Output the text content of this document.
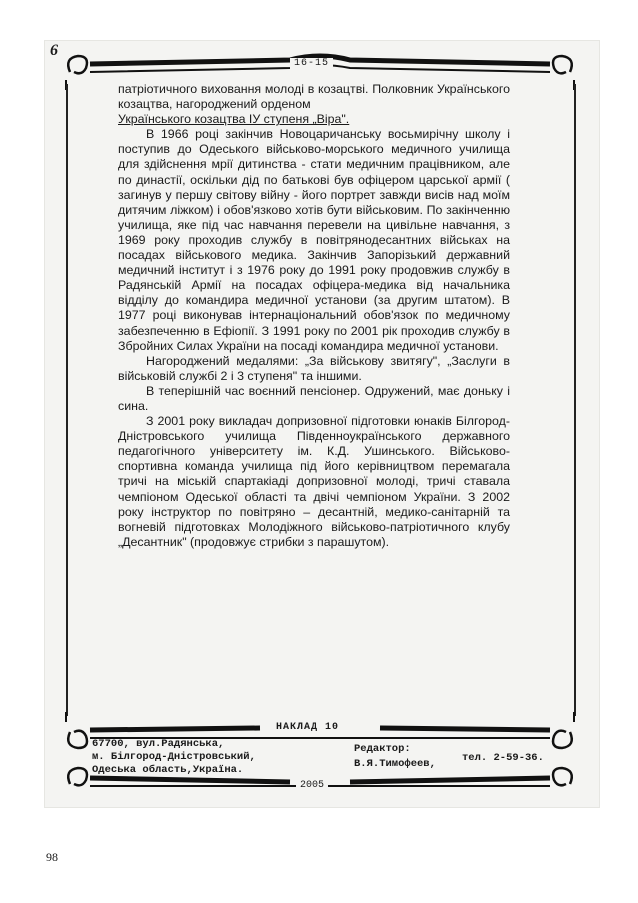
6
16-15

патріотичного виховання молоді в козацтві. Полковник Українського козацтва, нагороджений орденом

Українського козацтва IУ ступеня „Віра".

В 1966 році закінчив Новоцаричанську восьмирічну школу і поступив до Одеського військово-морського медичного училища для здійснення мрії дитинства - стати медичним працівником, але по династії, оскільки дід по батькові був офіцером царської армії ( загинув у першу світову війну - його портрет завжди висів над моїм дитячим ліжком) і обов'язково хотів бути військовим. По закінченню училища, яке під час навчання перевели на цивільне навчання, з 1969 року проходив службу в повітрянодесантних військах на посадах військового медика. Закінчив Запорізький державний медичний інститут і з 1976 року до 1991 року продовжив службу в Радянській Армії на посадах офіцера-медика від начальника відділу до командира медичної установи (за другим штатом). В 1977 році виконував інтернаціональний обов'язок по медичному забезпеченню в Ефіопії. З 1991 року по 2001 рік проходив службу в Збройних Силах України на посаді командира медичної установи.

Нагороджений медалями: „За військову звитягу", „Заслуги в військовій службі 2 і 3 ступеня" та іншими.

В теперішній час воєнний пенсіонер. Одружений, має доньку і сина.

З 2001 року викладач допризовної підготовки юнаків Білгород-Дністровського училища Південноукраїнського державного педагогічного університету ім. К.Д. Ушинського. Військово-спортивна команда училища під його керівництвом перемагала тричі на міській спартакіаді допризовної молоді, тричі ставала чемпіоном Одеської області та двічі чемпіоном України. З 2002 року інструктор по повітряно – десантній, медико-санітарній та вогневій підготовках Молодіжного військово-патріотичного клубу „Десантник" (продовжує стрибки з парашутом).

НАКЛАД 10
67700, вул.Радянська,
м. Білгород-Дністровський,
Одеська область,Україна.
Редактор:
В.Я.Тимофеев, тел. 2-59-36.
2005
98
